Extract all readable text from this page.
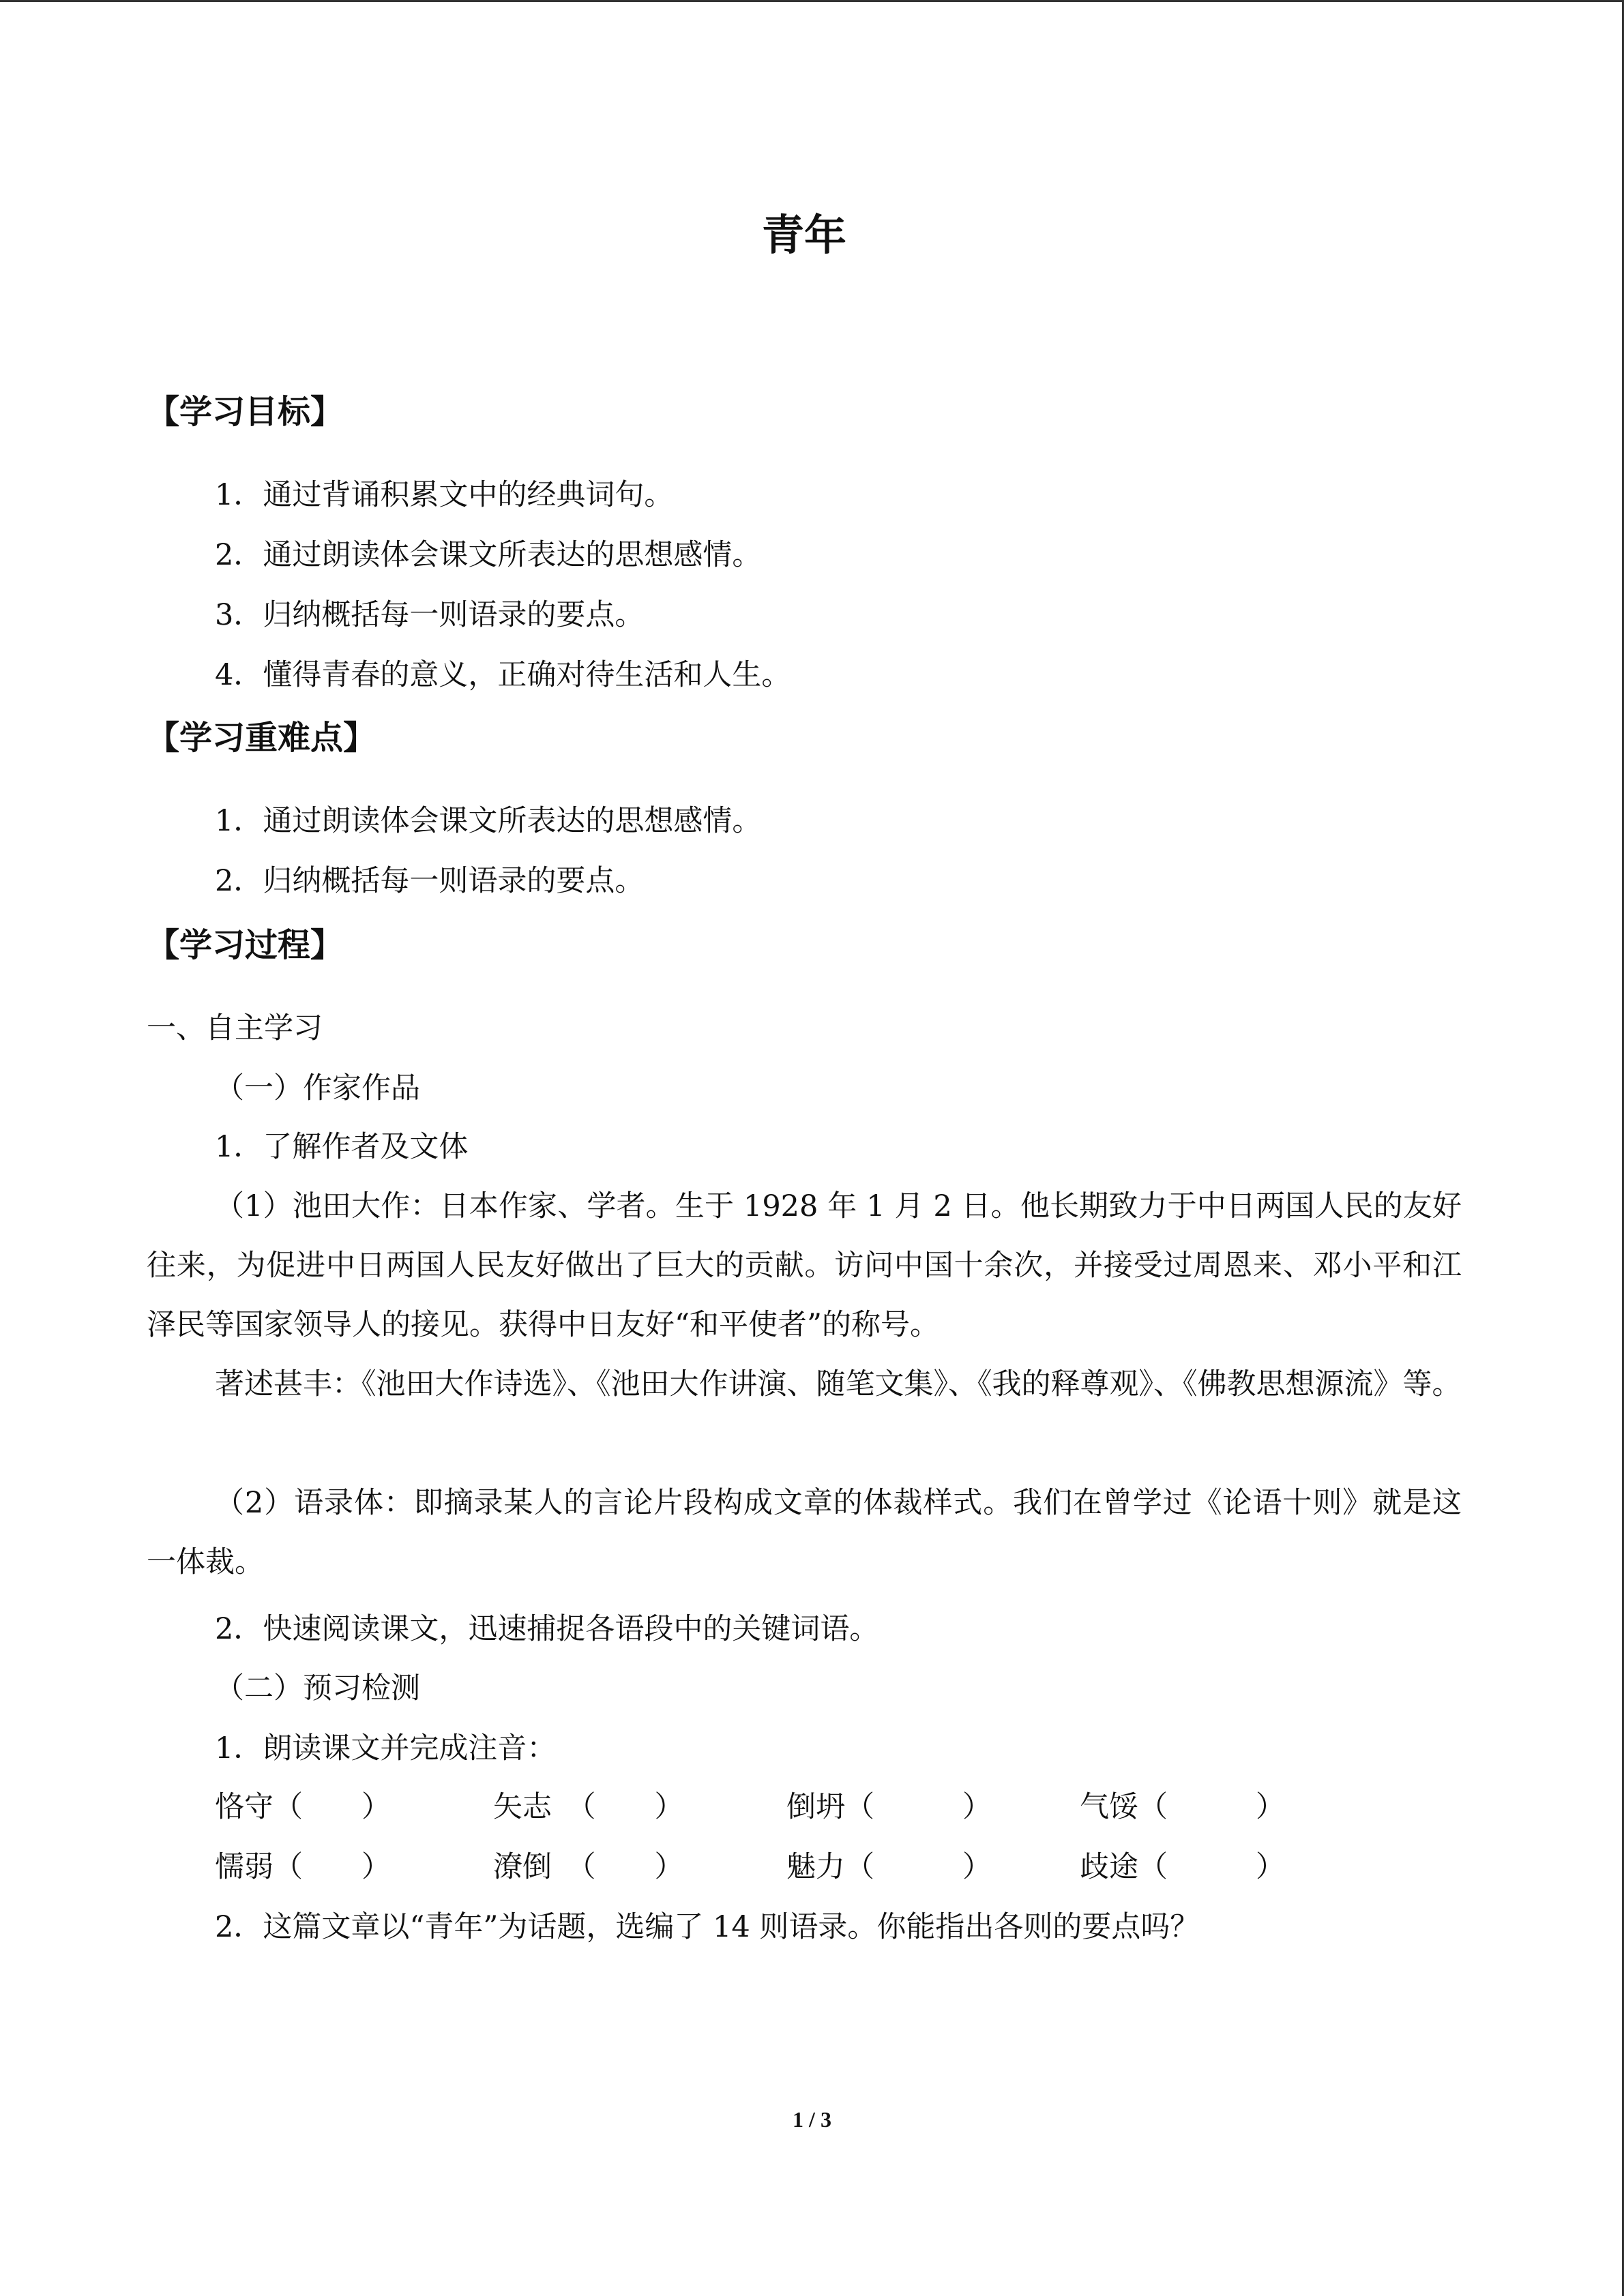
青年
【学习目标】
1．通过背诵积累文中的经典词句。
2．通过朗读体会课文所表达的思想感情。
3．归纳概括每一则语录的要点。
4．懂得青春的意义，正确对待生活和人生。
【学习重难点】
1．通过朗读体会课文所表达的思想感情。
2．归纳概括每一则语录的要点。
【学习过程】
一、自主学习
（一）作家作品
1．了解作者及文体
（1）池田大作：日本作家、学者。生于 1928 年 1 月 2 日。他长期致力于中日两国人民的友好往来，为促进中日两国人民友好做出了巨大的贡献。访问中国十余次，并接受过周恩来、邓小平和江泽民等国家领导人的接见。获得中日友好“和平使者”的称号。
著述甚丰：《池田大作诗选》、《池田大作讲演、随笔文集》、《我的释尊观》、《佛教思想源流》等。
（2）语录体：即摘录某人的言论片段构成文章的体裁样式。我们在曾学过《论语十则》就是这一体裁。
2．快速阅读课文，迅速捕捉各语段中的关键词语。
（二）预习检测
1．朗读课文并完成注音：
恪守（　　）	矢志　（　　）	倒坍（　　　）	气馁（　　　）
懦弱（　　）	潦倒　（　　）	魅力（　　　）	歧途（　　　）
2．这篇文章以“青年”为话题，选编了 14 则语录。你能指出各则的要点吗？
1 / 3
